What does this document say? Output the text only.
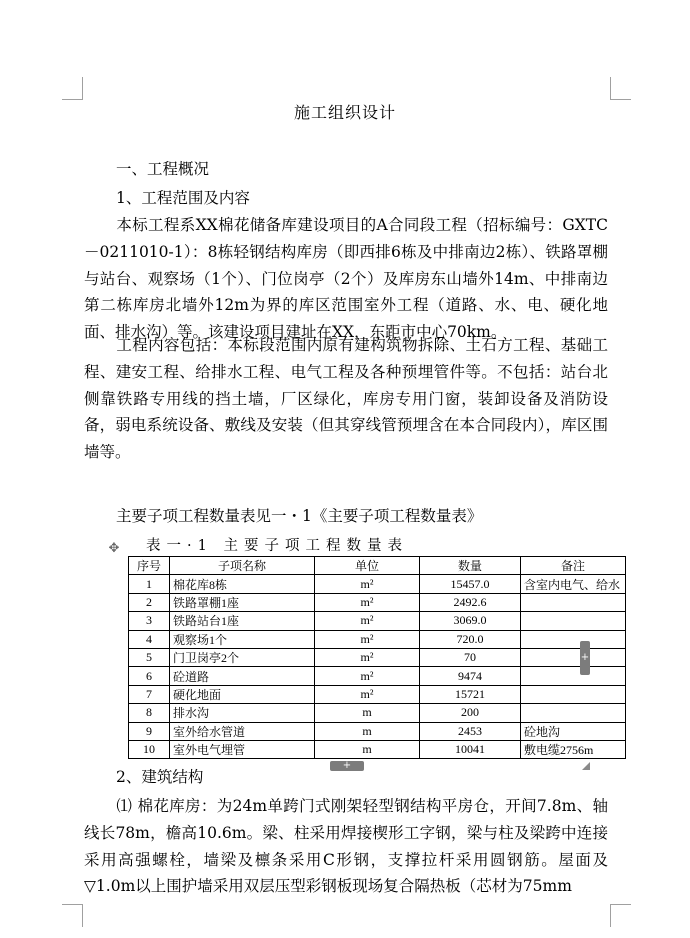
施工组织设计
一、工程概况
1、工程范围及内容
本标工程系XX棉花储备库建设项目的A合同段工程（招标编号：GXTC－0211010-1）：8栋轻钢结构库房（即西排6栋及中排南边2栋）、铁路罩棚与站台、观察场（1个）、门位岗亭（2个）及库房东山墙外14m、中排南边第二栋库房北墙外12m为界的库区范围室外工程（道路、水、电、硬化地面、排水沟）等。该建设项目建址在XX，东距市中心70km。
工程内容包括：本标段范围内原有建构筑物拆除、土石方工程、基础工程、建安工程、给排水工程、电气工程及各种预埋管件等。不包括：站台北侧靠铁路专用线的挡土墙，厂区绿化，库房专用门窗，装卸设备及消防设备，弱电系统设备、敷线及安装（但其穿线管预埋含在本合同段内），库区围墙等。
主要子项工程数量表见一・1《主要子项工程数量表》
✥ 表一·1 主要子项工程数量表
序号	子项名称	单位	数量	备注
1	棉花库8栋	m²	15457.0	含室内电气、给水
2	铁路罩棚1座	m²	2492.6	
3	铁路站台1座	m²	3069.0	
4	观察场1个	m²	720.0	
5	门卫岗亭2个	m²	70	
6	砼道路	m²	9474	
7	硬化地面	m²	15721	
8	排水沟	m	200	
9	室外给水管道	m	2453	砼地沟
10	室外电气埋管	m	10041	敷电缆2756m
+
+
2、建筑结构
⑴ 棉花库房：为24m单跨门式刚架轻型钢结构平房仓，开间7.8m、轴线长78m，檐高10.6m。梁、柱采用焊接楔形工字钢，梁与柱及梁跨中连接采用高强螺栓，墙梁及檩条采用C形钢，支撑拉杆采用圆钢筋。屋面及▽1.0m以上围护墙采用双层压型彩钢板现场复合隔热板（芯材为75mm
